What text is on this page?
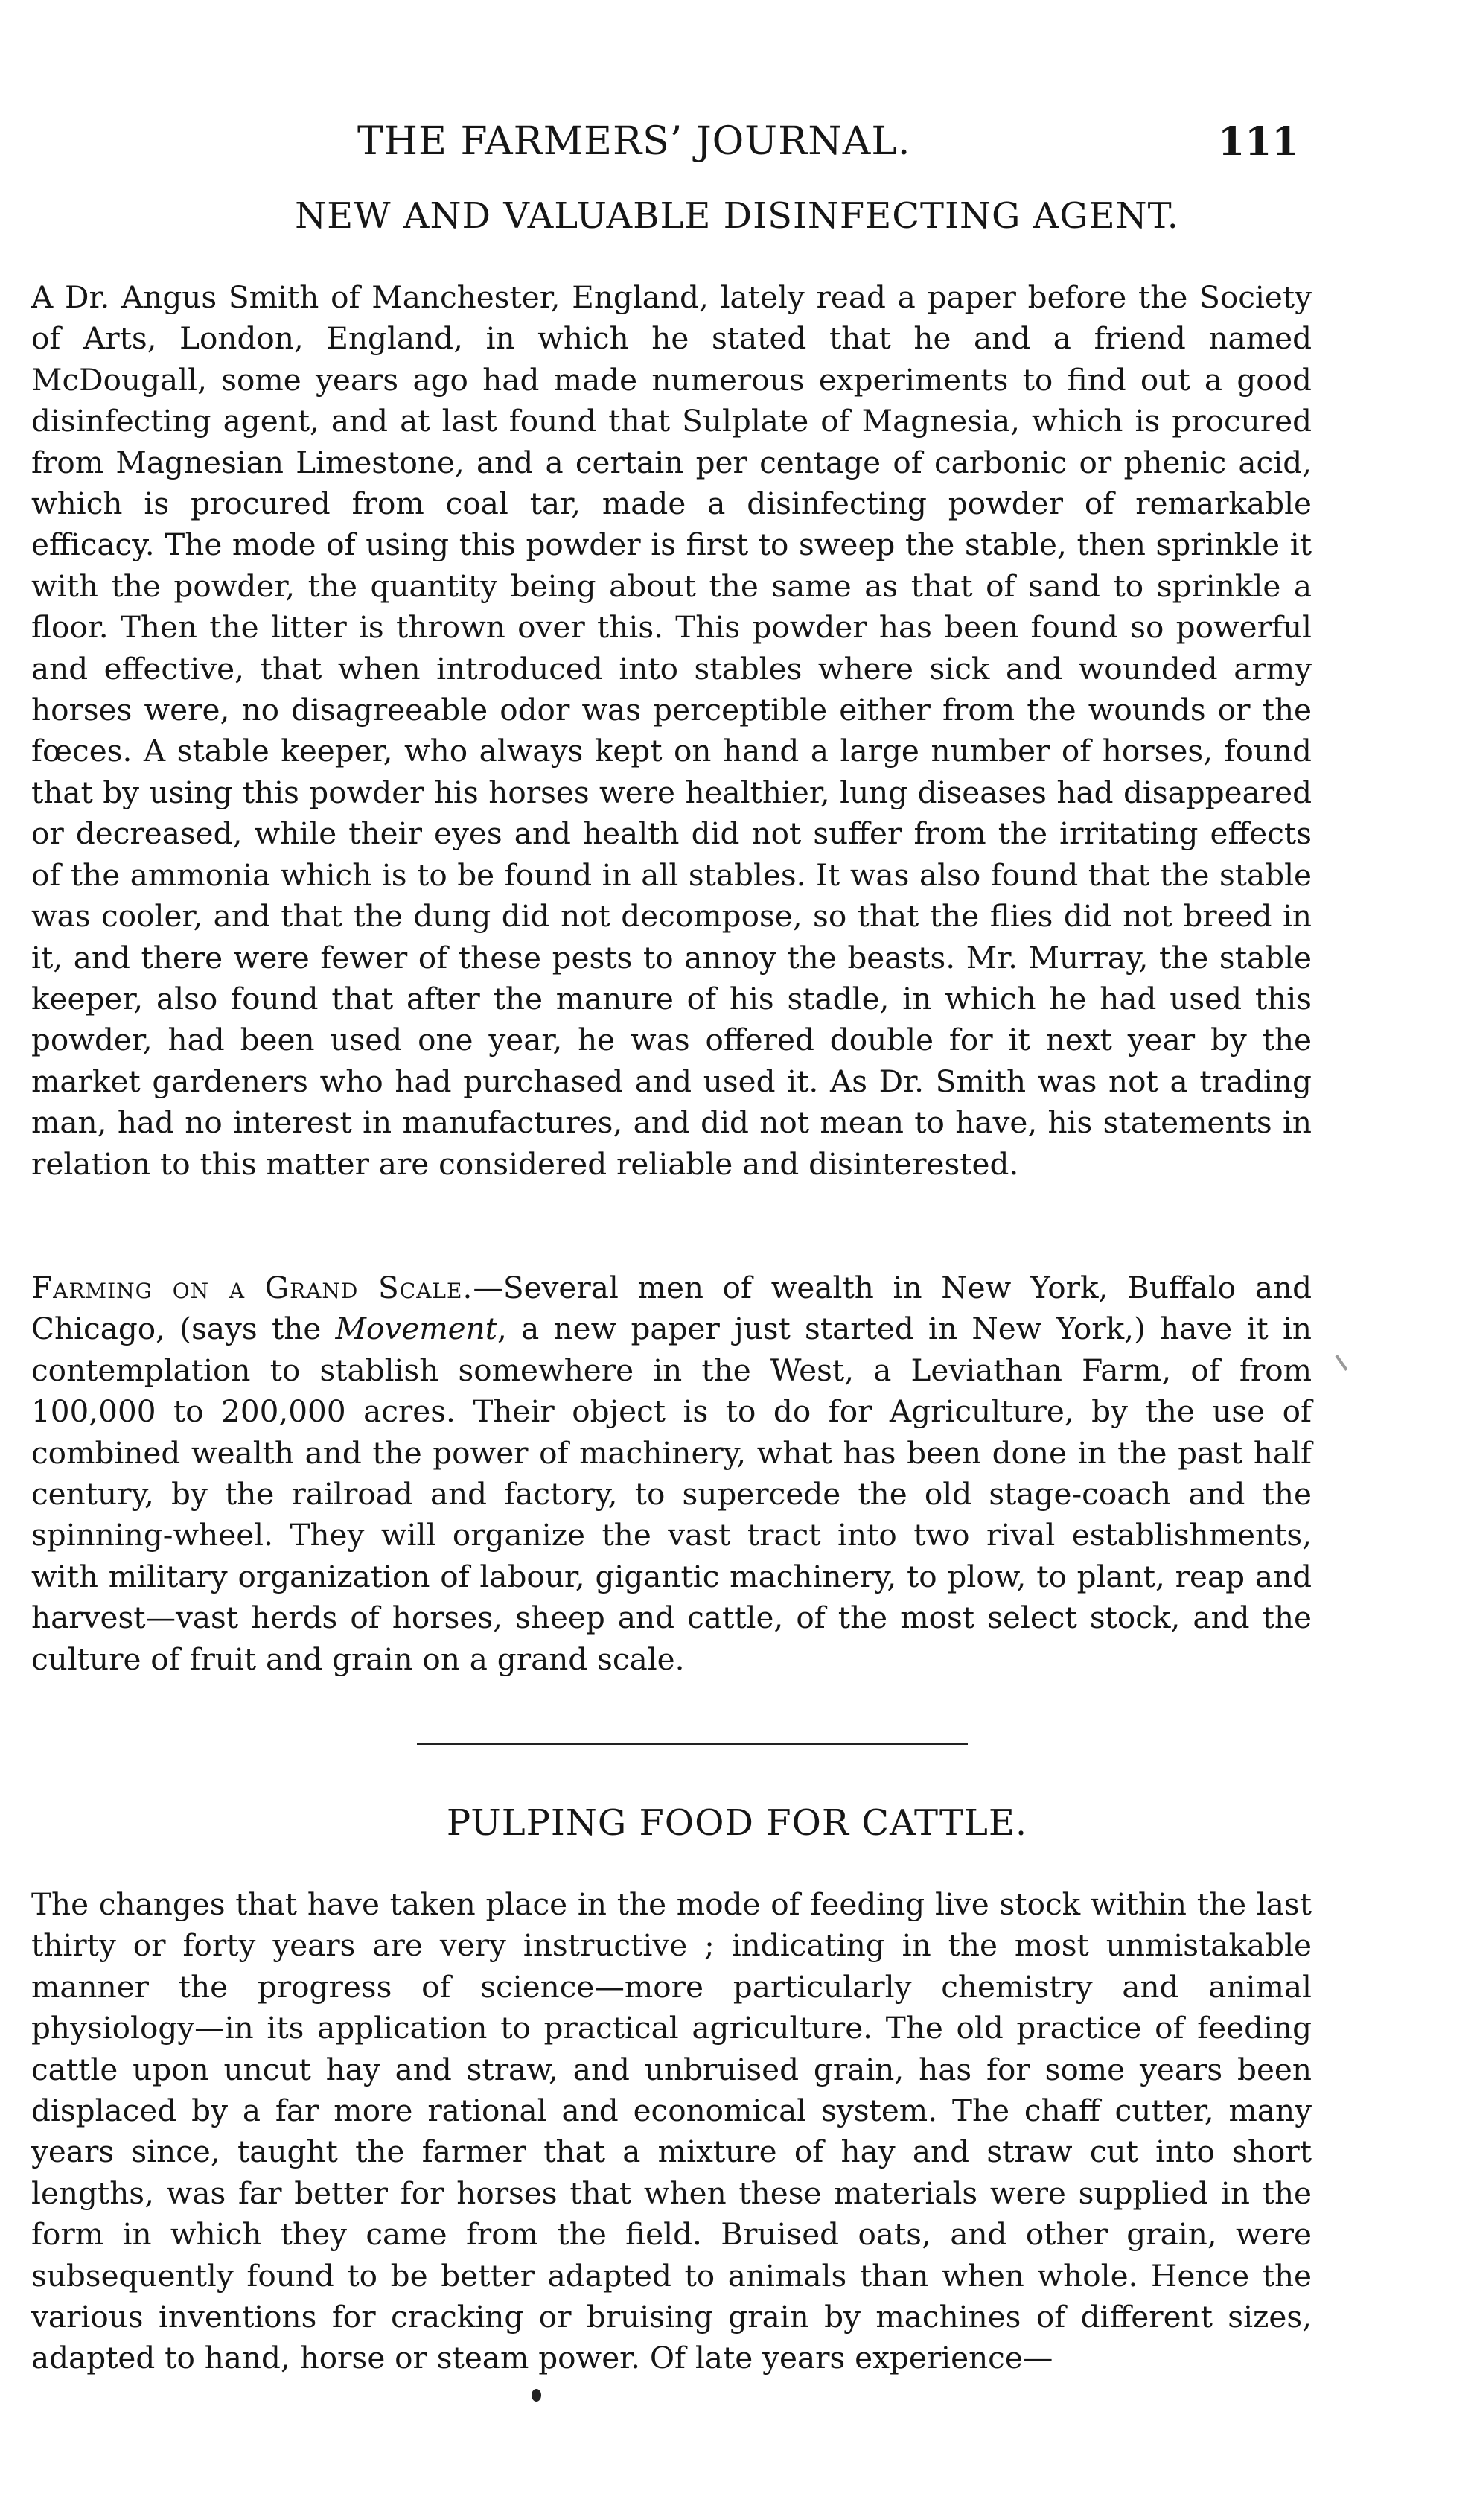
THE FARMERS’ JOURNAL.	111
NEW AND VALUABLE DISINFECTING AGENT.

A Dr. Angus Smith of Manchester, England, lately read a paper before the Society of Arts, London, England, in which he stated that he and a friend named McDougall, some years ago had made numerous experiments to find out a good disinfecting agent, and at last found that Sulplate of Magnesia, which is procured from Magnesian Limestone, and a certain per centage of carbonic or phenic acid, which is procured from coal tar, made a disinfecting powder of remarkable efficacy. The mode of using this powder is first to sweep the stable, then sprinkle it with the powder, the quantity being about the same as that of sand to sprinkle a floor. Then the litter is thrown over this. This powder has been found so powerful and effective, that when introduced into stables where sick and wounded army horses were, no disagreeable odor was perceptible either from the wounds or the fœces. A stable keeper, who always kept on hand a large number of horses, found that by using this powder his horses were healthier, lung diseases had disappeared or decreased, while their eyes and health did not suffer from the irritating effects of the ammonia which is to be found in all stables. It was also found that the stable was cooler, and that the dung did not decompose, so that the flies did not breed in it, and there were fewer of these pests to annoy the beasts. Mr. Murray, the stable keeper, also found that after the manure of his stadle, in which he had used this powder, had been used one year, he was offered double for it next year by the market gardeners who had purchased and used it. As Dr. Smith was not a trading man, had no interest in manufactures, and did not mean to have, his statements in relation to this matter are considered reliable and disinterested.

Farming on a Grand Scale.—Several men of wealth in New York, Buffalo and Chicago, (says the Movement, a new paper just started in New York,) have it in contemplation to stablish somewhere in the West, a Leviathan Farm, of from 100,000 to 200,000 acres. Their object is to do for Agriculture, by the use of combined wealth and the power of machinery, what has been done in the past half century, by the railroad and factory, to supercede the old stage-coach and the spinning-wheel. They will organize the vast tract into two rival establishments, with military organization of labour, gigantic machinery, to plow, to plant, reap and harvest—vast herds of horses, sheep and cattle, of the most select stock, and the culture of fruit and grain on a grand scale.

PULPING FOOD FOR CATTLE.

The changes that have taken place in the mode of feeding live stock within the last thirty or forty years are very instructive ; indicating in the most unmistakable manner the progress of science—more particularly chemistry and animal physiology—in its application to practical agriculture. The old practice of feeding cattle upon uncut hay and straw, and unbruised grain, has for some years been displaced by a far more rational and economical system. The chaff cutter, many years since, taught the farmer that a mixture of hay and straw cut into short lengths, was far better for horses that when these materials were supplied in the form in which they came from the field. Bruised oats, and other grain, were subsequently found to be better adapted to animals than when whole. Hence the various inventions for cracking or bruising grain by machines of different sizes, adapted to hand, horse or steam power. Of late years experience—
